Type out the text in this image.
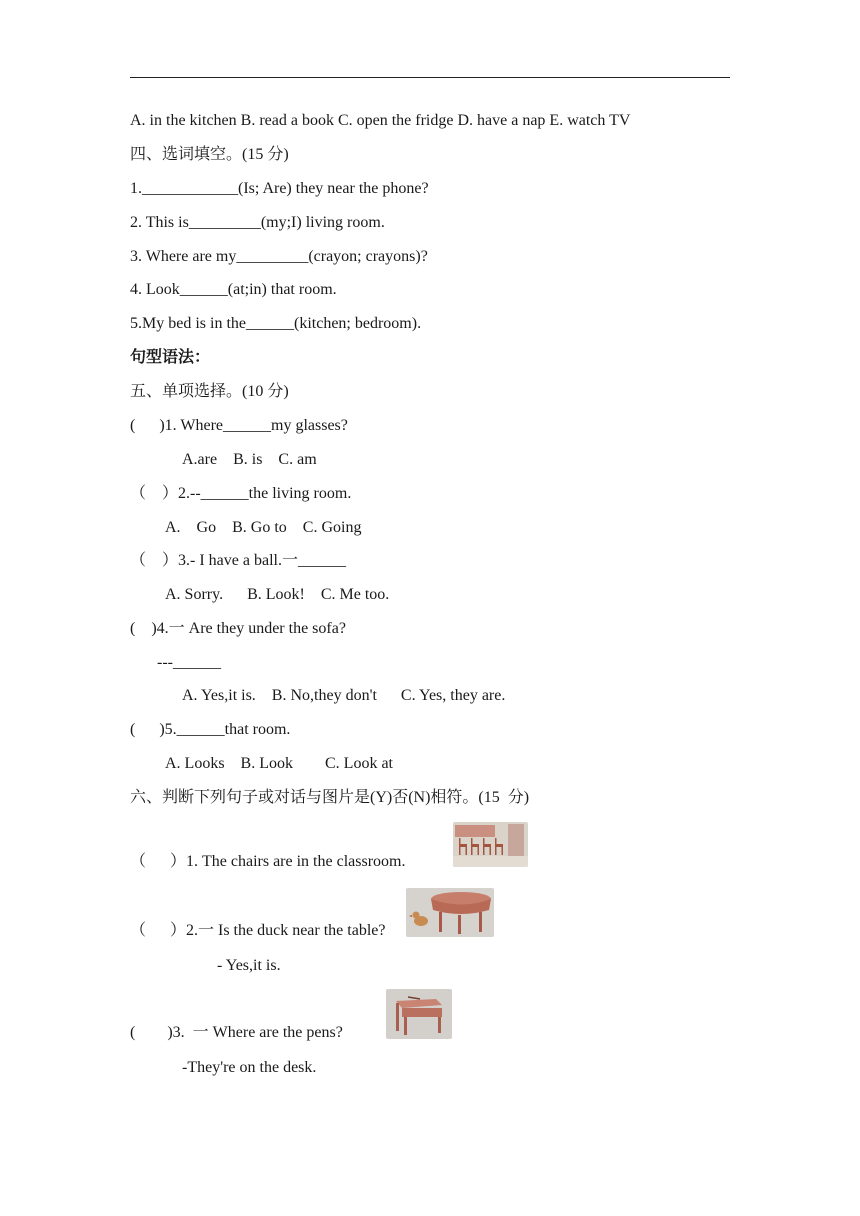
A. in the kitchen B. read a book C. open the fridge D. have a nap E. watch TV
四、选词填空。(15 分)
1.____________(Is; Are) they near the phone?
2. This is_________(my;I) living room.
3. Where are my_________(crayon; crayons)?
4. Look______(at;in) that room.
5.My bed is in the______(kitchen; bedroom).
句型语法：
五、单项选择。(10 分)
(      )1. Where______my glasses?
A.are    B. is    C. am
（    ）2.--______the living room.
A.    Go    B. Go to    C. Going
（    ）3.- I have a ball.一______
A. Sorry.      B. Look!    C. Me too.
(    )4.一 Are they under the sofa?
---______
A. Yes,it is.    B. No,they don't      C. Yes, they are.
(      )5.______that room.
A. Looks    B. Look        C. Look at
六、判断下列句子或对话与图片是(Y)否(N)相符。(15  分)
（      ）1. The chairs are in the classroom.
（      ）2.一 Is the duck near the table?
- Yes,it is.
(        )3.  一 Where are the pens?
-They're on the desk.
